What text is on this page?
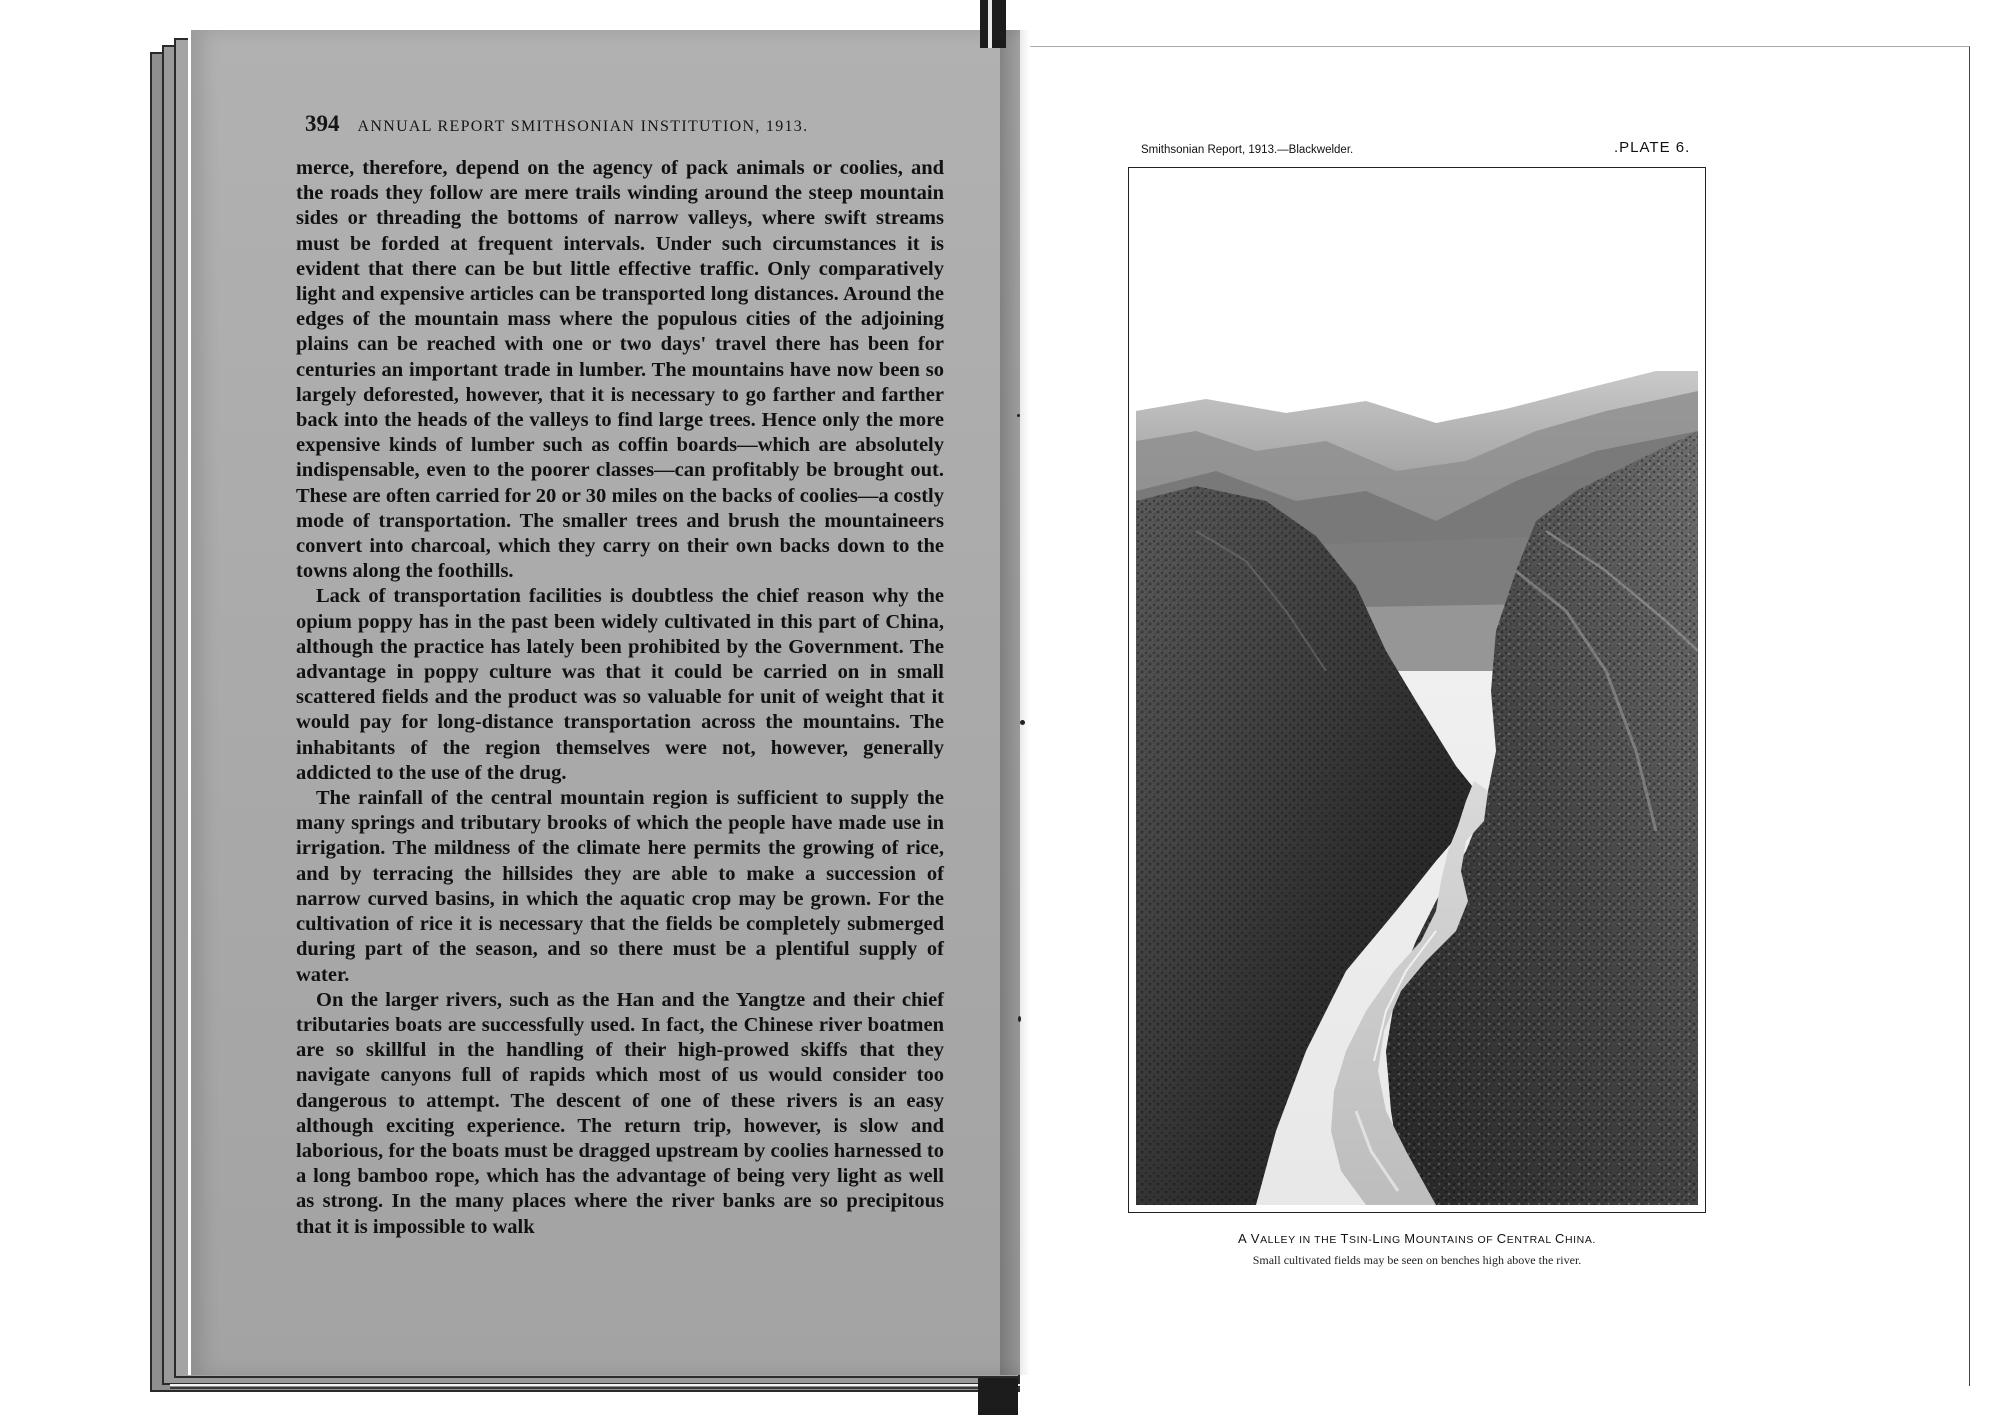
394 ANNUAL REPORT SMITHSONIAN INSTITUTION, 1913.

merce, therefore, depend on the agency of pack animals or coolies, and the roads they follow are mere trails winding around the steep mountain sides or threading the bottoms of narrow valleys, where swift streams must be forded at frequent intervals. Under such circumstances it is evident that there can be but little effective traffic. Only comparatively light and expensive articles can be transported long distances. Around the edges of the mountain mass where the populous cities of the adjoining plains can be reached with one or two days' travel there has been for centuries an important trade in lumber. The mountains have now been so largely deforested, however, that it is necessary to go farther and farther back into the heads of the valleys to find large trees. Hence only the more expensive kinds of lumber such as coffin boards—which are absolutely indispensable, even to the poorer classes—can profitably be brought out. These are often carried for 20 or 30 miles on the backs of coolies—a costly mode of transportation. The smaller trees and brush the mountaineers convert into charcoal, which they carry on their own backs down to the towns along the foothills.

Lack of transportation facilities is doubtless the chief reason why the opium poppy has in the past been widely cultivated in this part of China, although the practice has lately been prohibited by the Government. The advantage in poppy culture was that it could be carried on in small scattered fields and the product was so valuable for unit of weight that it would pay for long-distance transportation across the mountains. The inhabitants of the region themselves were not, however, generally addicted to the use of the drug.

The rainfall of the central mountain region is sufficient to supply the many springs and tributary brooks of which the people have made use in irrigation. The mildness of the climate here permits the growing of rice, and by terracing the hillsides they are able to make a succession of narrow curved basins, in which the aquatic crop may be grown. For the cultivation of rice it is necessary that the fields be completely submerged during part of the season, and so there must be a plentiful supply of water.

On the larger rivers, such as the Han and the Yangtze and their chief tributaries boats are successfully used. In fact, the Chinese river boatmen are so skillful in the handling of their high-prowed skiffs that they navigate canyons full of rapids which most of us would consider too dangerous to attempt. The descent of one of these rivers is an easy although exciting experience. The return trip, however, is slow and laborious, for the boats must be dragged upstream by coolies harnessed to a long bamboo rope, which has the advantage of being very light as well as strong. In the many places where the river banks are so precipitous that it is impossible to walk

Smithsonian Report, 1913.—Blackwelder.	.PLATE 6.
A VALLEY IN THE TSIN-LING MOUNTAINS OF CENTRAL CHINA.
Small cultivated fields may be seen on benches high above the river.
